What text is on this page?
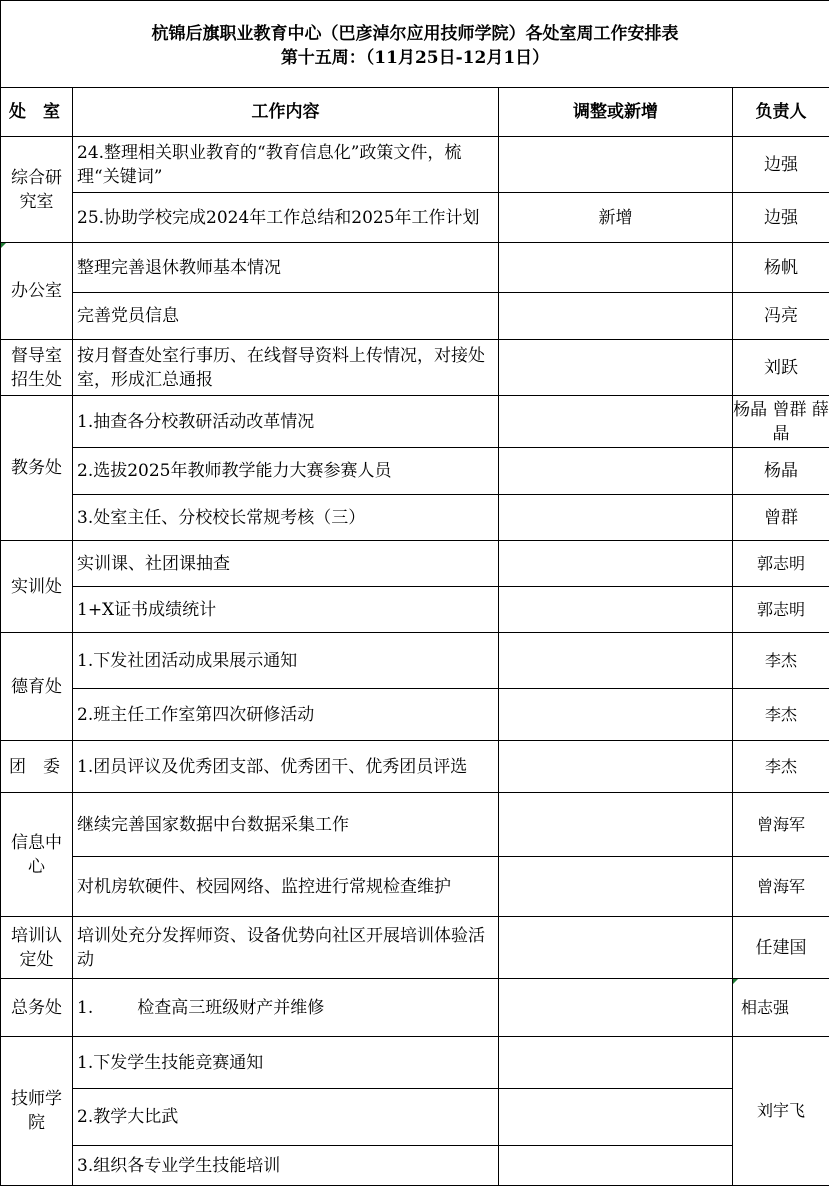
杭锦后旗职业教育中心（巴彦淖尔应用技师学院）各处室周工作安排表
第十五周：（11月25日-12月1日）			

处　室	工作内容	调整或新增	负责人
综合研究室	24.整理相关职业教育的“教育信息化”政策文件，梳理“关键词”		边强
	25.协助学校完成2024年工作总结和2025年工作计划	新增	边强
办公室	整理完善退休教师基本情况		杨帆
	完善党员信息		冯亮
督导室招生处	按月督查处室行事历、在线督导资料上传情况，对接处室，形成汇总通报		刘跃
教务处	1.抽查各分校教研活动改革情况		杨晶 曾群 薛晶
	2.选拔2025年教师教学能力大赛参赛人员		杨晶
	3.处室主任、分校校长常规考核（三）		曾群
实训处	实训课、社团课抽查		郭志明
	1+X证书成绩统计		郭志明
德育处	1.下发社团活动成果展示通知		李杰
	2.班主任工作室第四次研修活动		李杰
团　委	1.团员评议及优秀团支部、优秀团干、优秀团员评选		李杰
信息中心	继续完善国家数据中台数据采集工作		曾海军
	对机房软硬件、校园网络、监控进行常规检查维护		曾海军
培训认定处	培训处充分发挥师资、设备优势向社区开展培训体验活动		任建国
总务处	1. 检查高三班级财产并维修		相志强
技师学院	1.下发学生技能竞赛通知		刘宇飞
	2.教学大比武		
	3.组织各专业学生技能培训		
